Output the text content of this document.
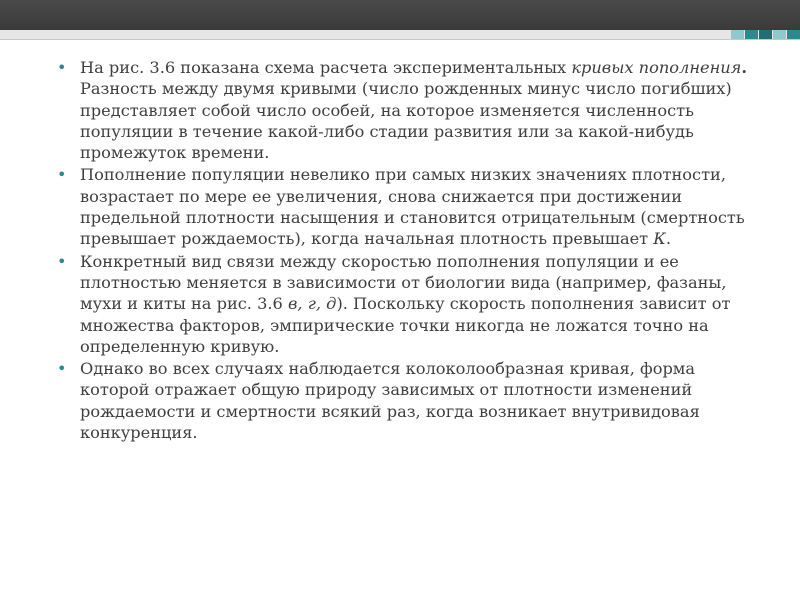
• На рис. 3.6 показана схема расчета экспериментальных кривых пополнения. Разность между двумя кривыми (число рожденных минус число погибших) представляет собой число особей, на которое изменяется численность популяции в течение какой-либо стадии развития или за какой-нибудь промежуток времени.
• Пополнение популяции невелико при самых низких значениях плотности, возрастает по мере ее увеличения, снова снижается при достижении предельной плотности насыщения и становится отрицательным (смертность превышает рождаемость), когда начальная плотность превышает К.
• Конкретный вид связи между скоростью пополнения популяции и ее плотностью меняется в зависимости от биологии вида (например, фазаны, мухи и киты на рис. 3.6 в, г, д). Поскольку скорость пополнения зависит от множества факторов, эмпирические точки никогда не ложатся точно на определенную кривую.
• Однако во всех случаях наблюдается колоколообразная кривая, форма которой отражает общую природу зависимых от плотности изменений рождаемости и смертности всякий раз, когда возникает внутривидовая конкуренция.
